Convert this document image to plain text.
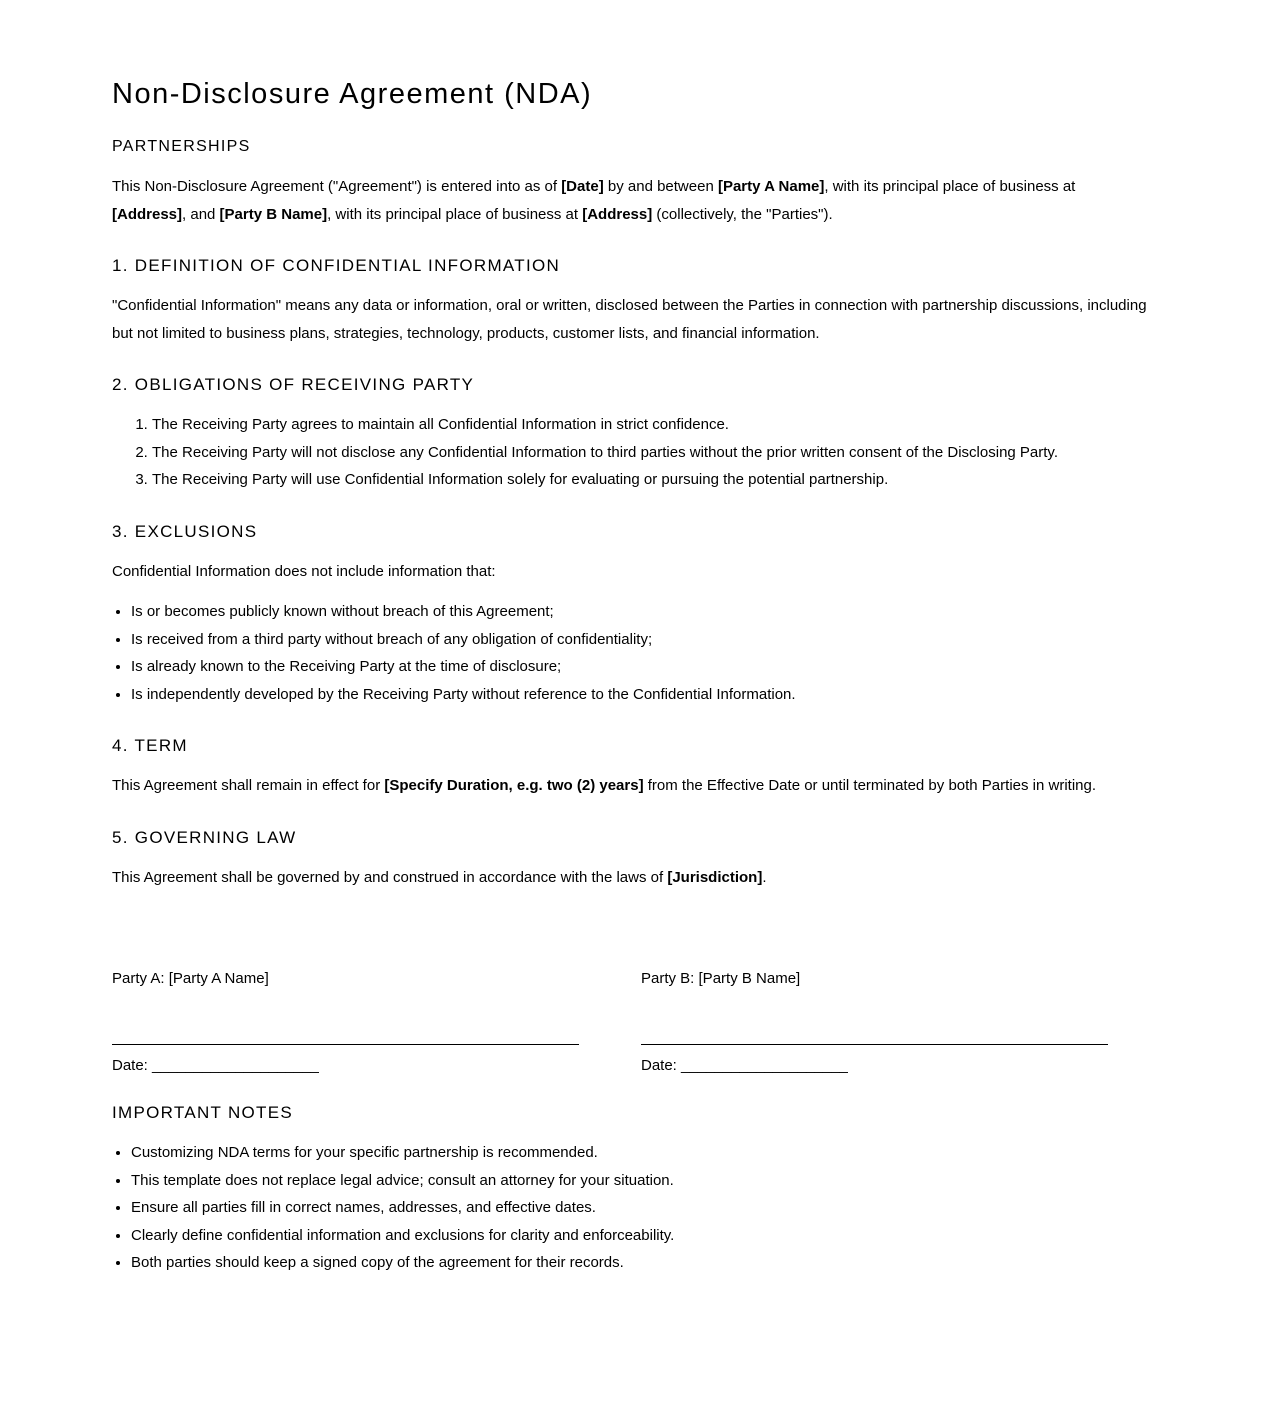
Non-Disclosure Agreement (NDA)
PARTNERSHIPS

This Non-Disclosure Agreement ("Agreement") is entered into as of [Date] by and between [Party A Name], with its principal place of business at [Address], and [Party B Name], with its principal place of business at [Address] (collectively, the "Parties").

1. DEFINITION OF CONFIDENTIAL INFORMATION

"Confidential Information" means any data or information, oral or written, disclosed between the Parties in connection with partnership discussions, including but not limited to business plans, strategies, technology, products, customer lists, and financial information.

2. OBLIGATIONS OF RECEIVING PARTY
1. The Receiving Party agrees to maintain all Confidential Information in strict confidence.
2. The Receiving Party will not disclose any Confidential Information to third parties without the prior written consent of the Disclosing Party.
3. The Receiving Party will use Confidential Information solely for evaluating or pursuing the potential partnership.
3. EXCLUSIONS

Confidential Information does not include information that:

• Is or becomes publicly known without breach of this Agreement;
• Is received from a third party without breach of any obligation of confidentiality;
• Is already known to the Receiving Party at the time of disclosure;
• Is independently developed by the Receiving Party without reference to the Confidential Information.
4. TERM

This Agreement shall remain in effect for [Specify Duration, e.g. two (2) years] from the Effective Date or until terminated by both Parties in writing.

5. GOVERNING LAW

This Agreement shall be governed by and construed in accordance with the laws of [Jurisdiction].

Party A: [Party A Name]

Date: ____________________

Party B: [Party B Name]

Date: ____________________

IMPORTANT NOTES
• Customizing NDA terms for your specific partnership is recommended.
• This template does not replace legal advice; consult an attorney for your situation.
• Ensure all parties fill in correct names, addresses, and effective dates.
• Clearly define confidential information and exclusions for clarity and enforceability.
• Both parties should keep a signed copy of the agreement for their records.
